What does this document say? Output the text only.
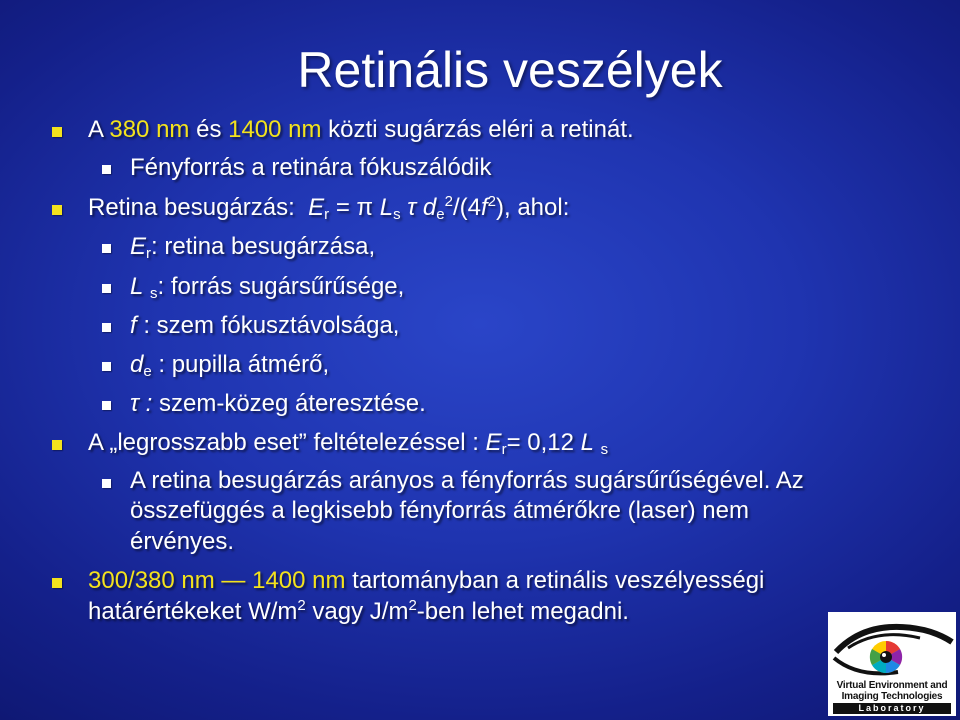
Retinális veszélyek
A 380 nm és 1400 nm közti sugárzás eléri a retinát.
Fényforrás a retinára fókuszálódik
Retina besugárzás: $E_r = \pi$ $L_s$ τ $d_e^2/(4f^2)$, ahol:
$E_r$: retina besugárzása,
L $_s$: forrás sugársűrűsége,
f : szem fókusztávolsága,
$d_e$ : pupilla átmérő,
τ : szem-közeg áteresztése.
A „legrosszabb eset” feltételezéssel : $E_r= 0,12$ L $_s$
A retina besugárzás arányos a fényforrás sugársűrűségével. Az
összefüggés a legkisebb fényforrás átmérőkre (laser) nem
érvényes.
300/380 nm — 1400 nm tartományban a retinális veszélyességi
határértékeket $W/m^2$ vagy $J/m^2$-ben lehet megadni.
Virtual Environment and
Imaging Technologies
Laboratory
